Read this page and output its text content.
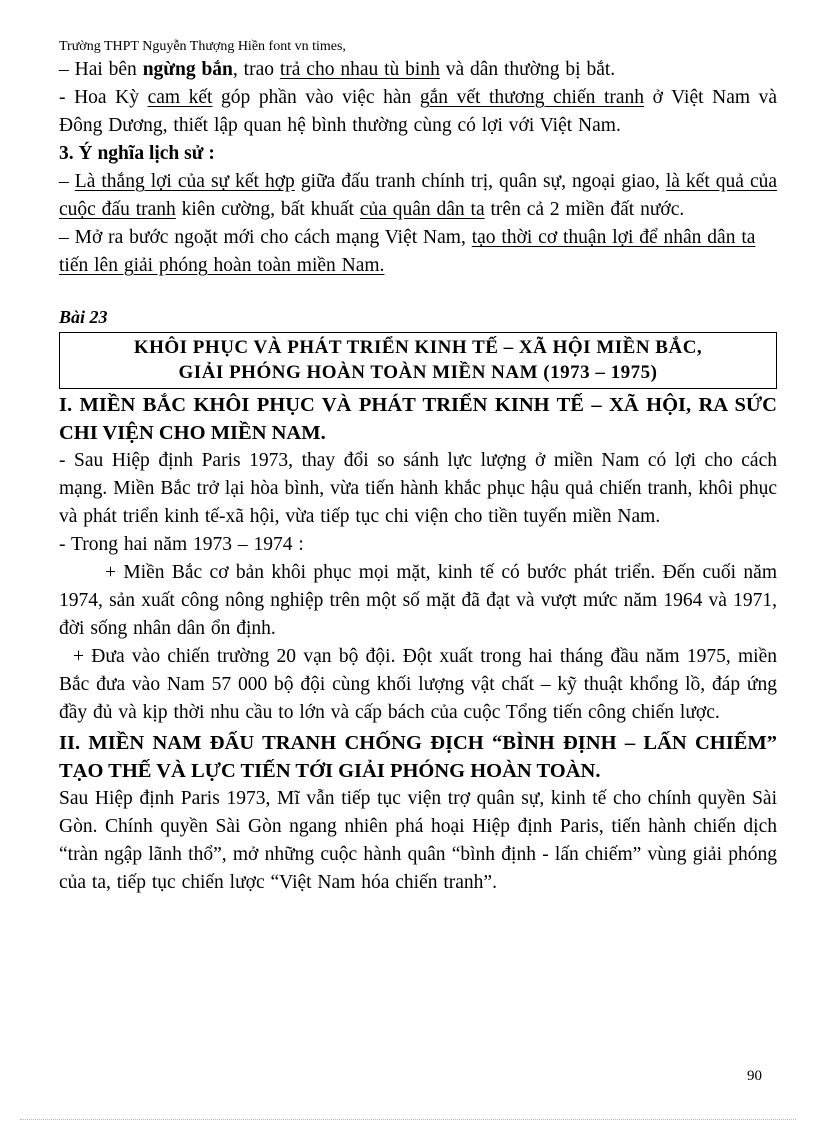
Trường THPT Nguyễn Thượng Hiền font vn times,

– Hai bên ngừng bắn, trao trả cho nhau tù binh và dân thường bị bắt.

- Hoa Kỳ cam kết góp phần vào việc hàn gắn vết thương chiến tranh ở Việt Nam và Đông Dương, thiết lập quan hệ bình thường cùng có lợi với Việt Nam.

3. Ý nghĩa lịch sử :

– Là thắng lợi của sự kết hợp giữa đấu tranh chính trị, quân sự, ngoại giao, là kết quả của cuộc đấu tranh kiên cường, bất khuất của quân dân ta trên cả 2 miền đất nước.

– Mở ra bước ngoặt mới cho cách mạng Việt Nam, tạo thời cơ thuận lợi để nhân dân ta tiến lên giải phóng hoàn toàn miền Nam.

Bài 23
KHÔI PHỤC VÀ PHÁT TRIỂN KINH TẾ – XÃ HỘI MIỀN BẮC,
GIẢI PHÓNG HOÀN TOÀN MIỀN NAM (1973 – 1975)

I. MIỀN BẮC KHÔI PHỤC VÀ PHÁT TRIỂN KINH TẾ – XÃ HỘI, RA SỨC CHI VIỆN CHO MIỀN NAM.

- Sau Hiệp định Paris 1973, thay đổi so sánh lực lượng ở miền Nam có lợi cho cách mạng. Miền Bắc trở lại hòa bình, vừa tiến hành khắc phục hậu quả chiến tranh, khôi phục và phát triển kinh tế-xã hội, vừa tiếp tục chi viện cho tiền tuyến miền Nam.

- Trong hai năm 1973 – 1974 :

+ Miền Bắc cơ bản khôi phục mọi mặt, kinh tế có bước phát triển. Đến cuối năm 1974, sản xuất công nông nghiệp trên một số mặt đã đạt và vượt mức năm 1964 và 1971, đời sống nhân dân ổn định.

+ Đưa vào chiến trường 20 vạn bộ đội. Đột xuất trong hai tháng đầu năm 1975, miền Bắc đưa vào Nam 57 000 bộ đội cùng khối lượng vật chất – kỹ thuật khổng lồ, đáp ứng đầy đủ và kịp thời nhu cầu to lớn và cấp bách của cuộc Tổng tiến công chiến lược.

II. MIỀN NAM ĐẤU TRANH CHỐNG ĐỊCH “BÌNH ĐỊNH – LẤN CHIẾM” TẠO THẾ VÀ LỰC TIẾN TỚI GIẢI PHÓNG HOÀN TOÀN.

Sau Hiệp định Paris 1973, Mĩ vẫn tiếp tục viện trợ quân sự, kinh tế cho chính quyền Sài Gòn. Chính quyền Sài Gòn ngang nhiên phá hoại Hiệp định Paris, tiến hành chiến dịch “tràn ngập lãnh thổ”, mở những cuộc hành quân “bình định - lấn chiếm” vùng giải phóng của ta, tiếp tục chiến lược “Việt Nam hóa chiến tranh”.

90
